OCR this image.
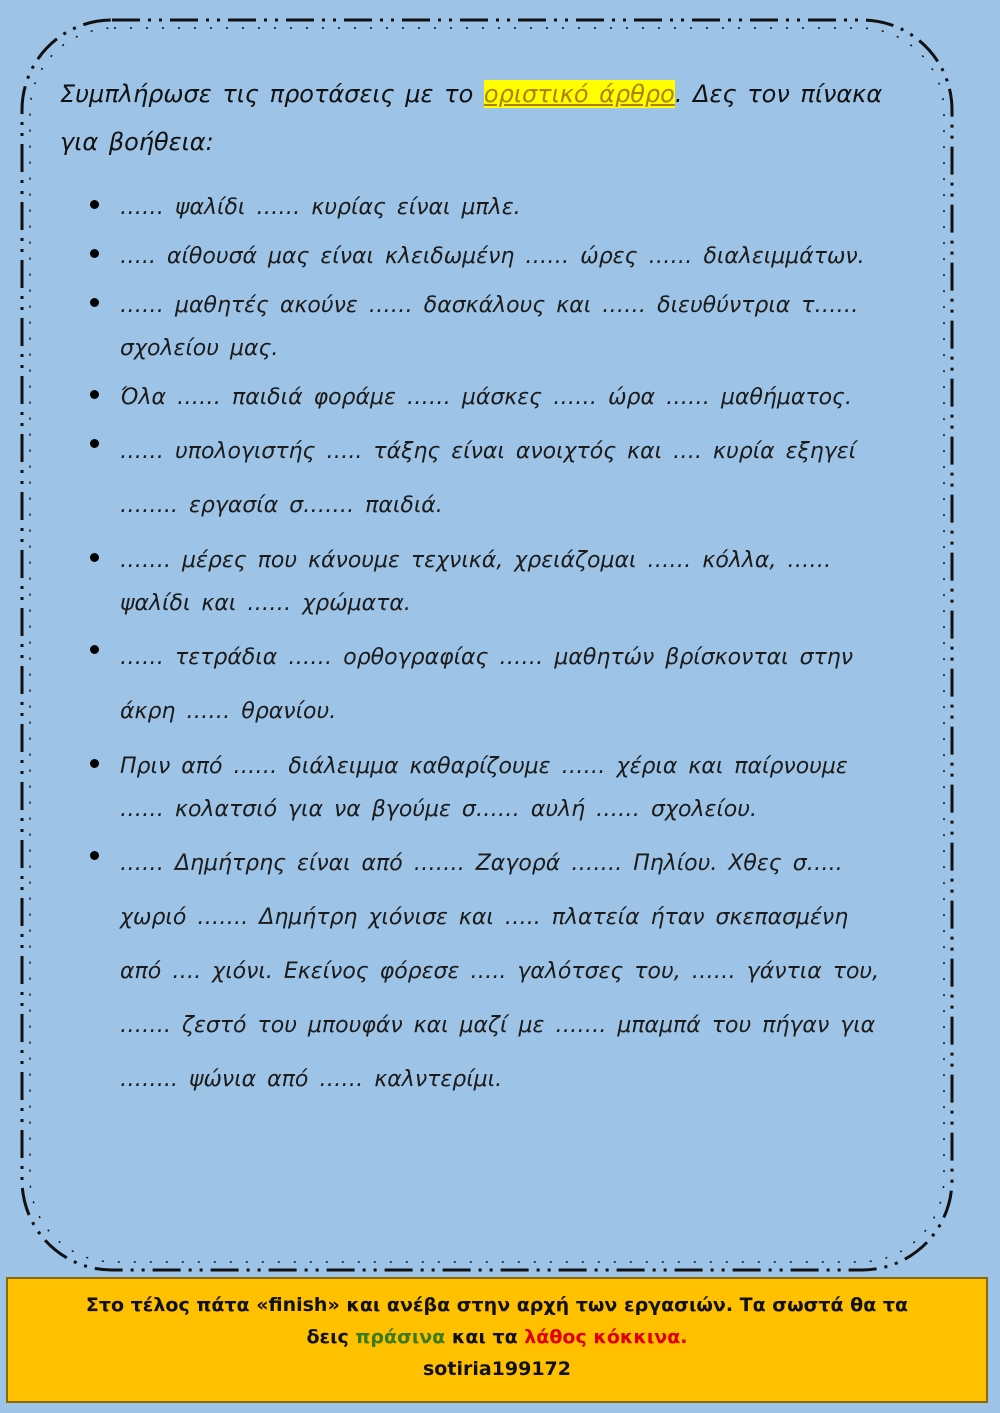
Συμπλήρωσε τις προτάσεις με το οριστικό άρθρο. Δες τον πίνακα για βοήθεια:
…… ψαλίδι …… κυρίας είναι μπλε.
….. αίθουσά μας είναι κλειδωμένη …… ώρες …… διαλειμμάτων.
…… μαθητές ακούνε …… δασκάλους και …… διευθύντρια τ…… σχολείου μας.
Όλα …… παιδιά φοράμε …… μάσκες …… ώρα …… μαθήματος.
…… υπολογιστής ….. τάξης είναι ανοιχτός και …. κυρία εξηγεί …….. εργασία σ……. παιδιά.
……. μέρες που κάνουμε τεχνικά, χρειάζομαι …… κόλλα, …… ψαλίδι και …… χρώματα.
…… τετράδια …… ορθογραφίας …… μαθητών βρίσκονται στην άκρη …… θρανίου.
Πριν από …… διάλειμμα καθαρίζουμε …… χέρια και παίρνουμε …… κολατσιό για να βγούμε σ…… αυλή …… σχολείου.
…… Δημήτρης είναι από ……. Ζαγορά ……. Πηλίου. Χθες σ….. χωριό ……. Δημήτρη χιόνισε και ….. πλατεία ήταν σκεπασμένη από …. χιόνι. Εκείνος φόρεσε ….. γαλότσες του, …… γάντια του, ……. ζεστό του μπουφάν και μαζί με ……. μπαμπά του πήγαν για …….. ψώνια από …… καλντερίμι.
Στο τέλος πάτα «finish» και ανέβα στην αρχή των εργασιών. Τα σωστά θα τα
δεις πράσινα και τα λάθος κόκκινα.
sotiria199172
